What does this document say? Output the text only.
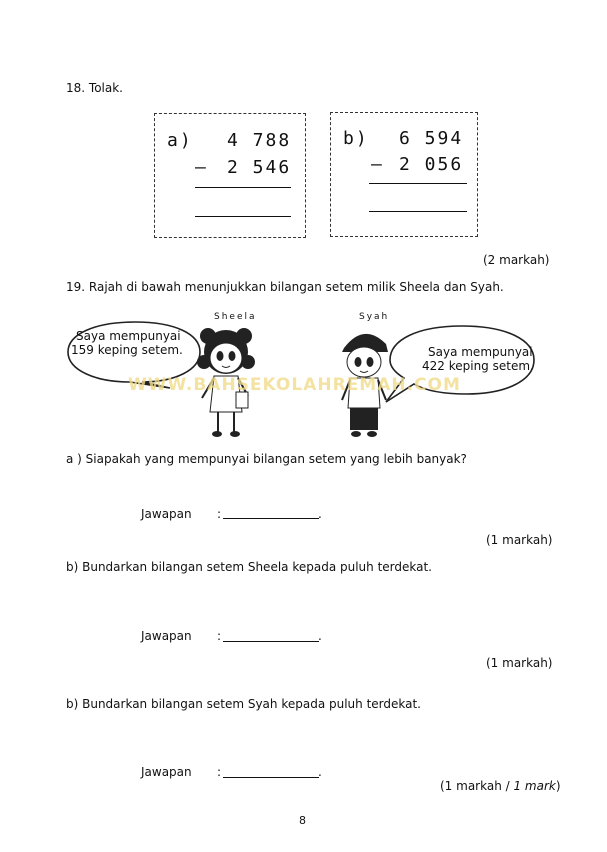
18. Tolak.
a) 4 788
– 2 546
b) 6 594
– 2 056
(2 markah)
19. Rajah di bawah menunjukkan bilangan setem milik Sheela dan Syah.
Sheela	Syah
Saya mempunyai
159 keping setem.	Saya mempunyai
422 keping setem.
WWW.BAHSEKOLAHREMAH.COM
a ) Siapakah yang mempunyai bilangan setem yang lebih banyak?
Jawapan :	.
(1 markah)
b) Bundarkan bilangan setem Sheela kepada puluh terdekat.
Jawapan :	.
(1 markah)
b) Bundarkan bilangan setem Syah kepada puluh terdekat.
Jawapan :	.
(1 markah / 1 mark)
8
